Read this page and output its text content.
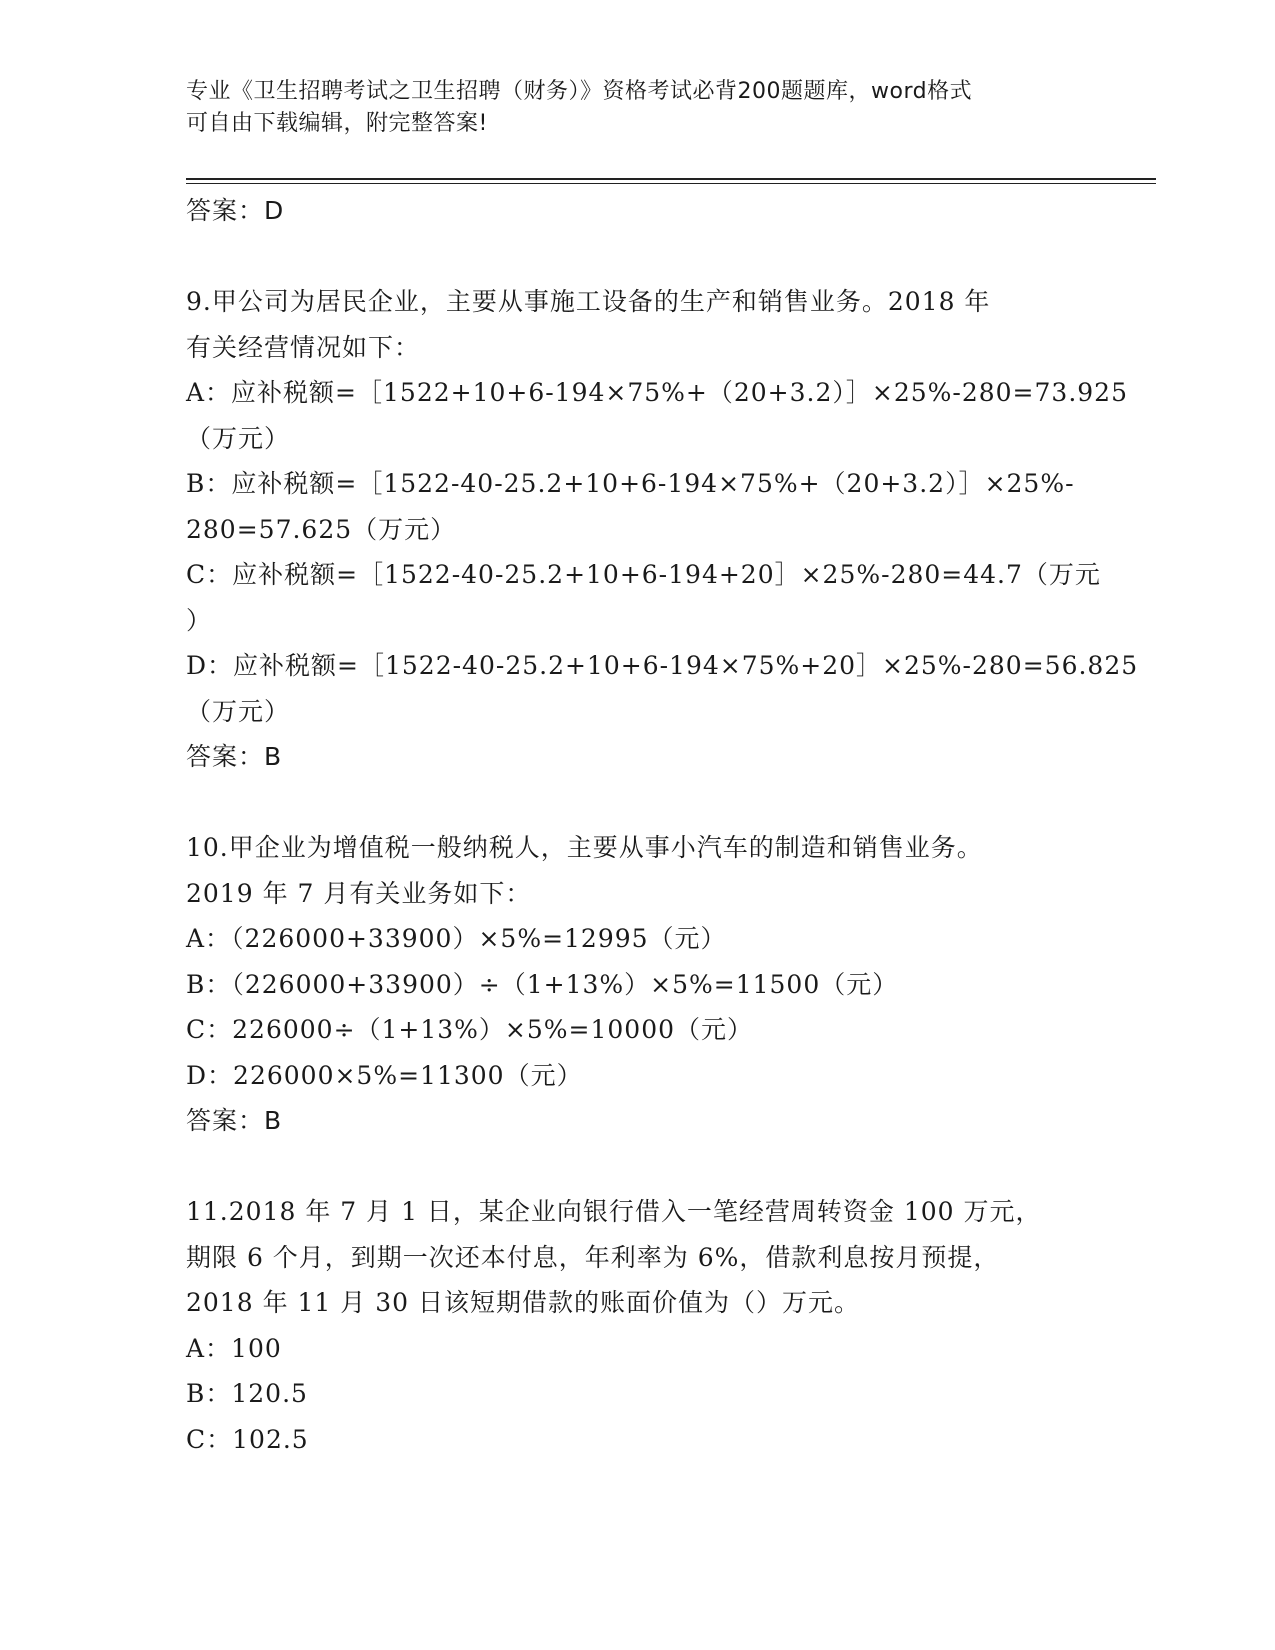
专业《卫生招聘考试之卫生招聘（财务）》资格考试必背200题题库，word格式
可自由下载编辑，附完整答案!
答案：D
9.甲公司为居民企业，主要从事施工设备的生产和销售业务。2018 年
有关经营情况如下：
A：应补税额=［1522+10+6-194×75%+（20+3.2）］×25%-280=73.925
（万元）
B：应补税额=［1522-40-25.2+10+6-194×75%+（20+3.2）］×25%-
280=57.625（万元）
C：应补税额=［1522-40-25.2+10+6-194+20］×25%-280=44.7（万元
）
D：应补税额=［1522-40-25.2+10+6-194×75%+20］×25%-280=56.825
（万元）
答案：B
10.甲企业为增值税一般纳税人，主要从事小汽车的制造和销售业务。
2019 年 7 月有关业务如下：
A：（226000+33900）×5%=12995（元）
B：（226000+33900）÷（1+13%）×5%=11500（元）
C：226000÷（1+13%）×5%=10000（元）
D：226000×5%=11300（元）
答案：B
11.2018 年 7 月 1 日，某企业向银行借入一笔经营周转资金 100 万元，
期限 6 个月，到期一次还本付息，年利率为 6%，借款利息按月预提，
2018 年 11 月 30 日该短期借款的账面价值为（）万元。
A：100
B：120.5
C：102.5
